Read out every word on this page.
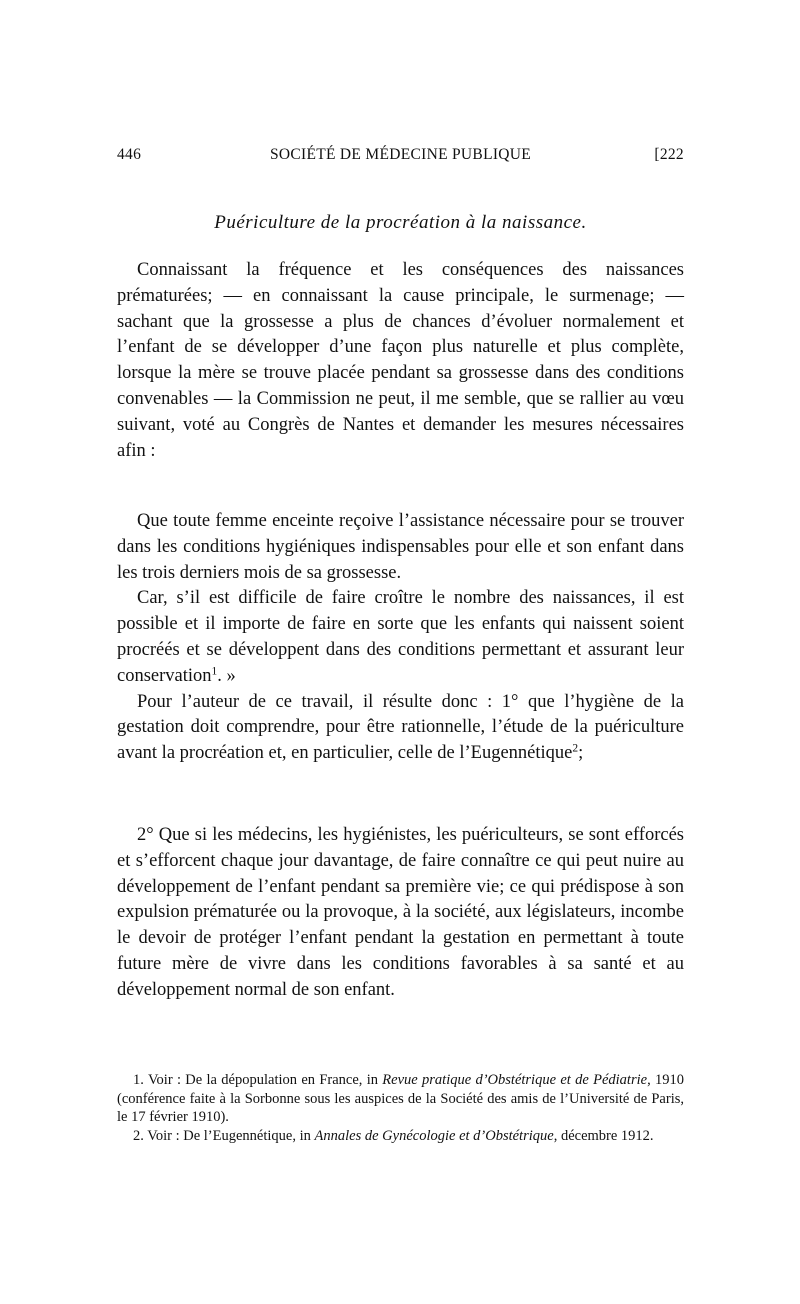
446	SOCIÉTÉ DE MÉDECINE PUBLIQUE	[222
Puériculture de la procréation à la naissance.

Connaissant la fréquence et les conséquences des naissances prématurées; — en connaissant la cause principale, le surmenage; — sachant que la grossesse a plus de chances d’évoluer normalement et l’enfant de se développer d’une façon plus naturelle et plus complète, lorsque la mère se trouve placée pendant sa grossesse dans des conditions convenables — la Commission ne peut, il me semble, que se rallier au vœu suivant, voté au Congrès de Nantes et demander les mesures nécessaires afin :

Que toute femme enceinte reçoive l’assistance nécessaire pour se trouver dans les conditions hygiéniques indispensables pour elle et son enfant dans les trois derniers mois de sa grossesse.

Car, s’il est difficile de faire croître le nombre des naissances, il est possible et il importe de faire en sorte que les enfants qui naissent soient procréés et se développent dans des conditions permettant et assurant leur conservation$^1$. »

Pour l’auteur de ce travail, il résulte donc : 1° que l’hygiène de la gestation doit comprendre, pour être rationnelle, l’étude de la puériculture avant la procréation et, en particulier, celle de l’Eugennétique$^2$;

2° Que si les médecins, les hygiénistes, les puériculteurs, se sont efforcés et s’efforcent chaque jour davantage, de faire connaître ce qui peut nuire au développement de l’enfant pendant sa première vie; ce qui prédispose à son expulsion prématurée ou la provoque, à la société, aux législateurs, incombe le devoir de protéger l’enfant pendant la gestation en permettant à toute future mère de vivre dans les conditions favorables à sa santé et au développement normal de son enfant.

1. Voir : De la dépopulation en France, in Revue pratique d’Obstétrique et de Pédiatrie, 1910 (conférence faite à la Sorbonne sous les auspices de la Société des amis de l’Université de Paris, le 17 février 1910).

2. Voir : De l’Eugennétique, in Annales de Gynécologie et d’Obstétrique, décembre 1912.
